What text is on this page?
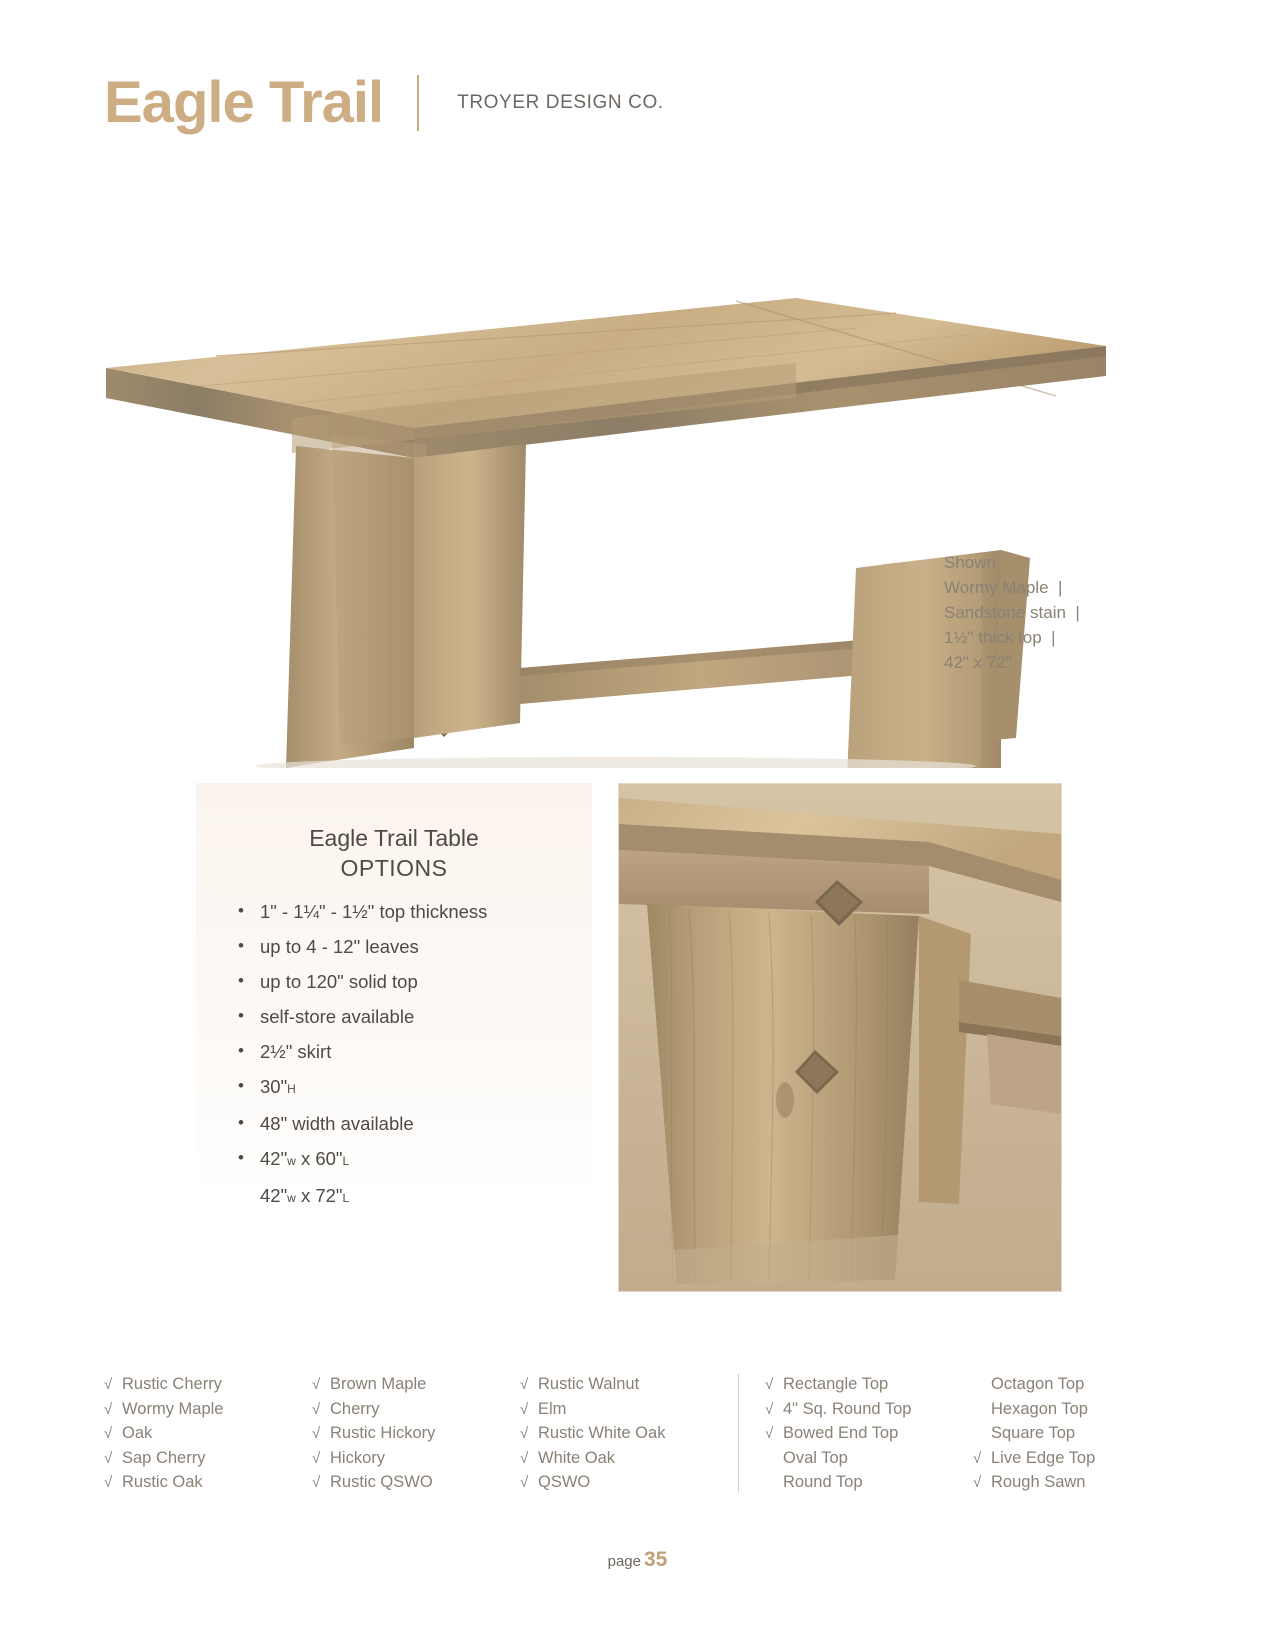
Eagle Trail	TROYER DESIGN CO.
Shown
Wormy Maple  |
Sandstone stain  |
1½" thick top  |
42" x 72"
Eagle Trail Table
OPTIONS
• 1" - 1¼" - 1½" top thickness
• up to 4 - 12" leaves
• up to 120" solid top
• self-store available
• 2½" skirt
• 30"H
• 48" width available
• 42"w x 60"L
42"w x 72"L
√ Rustic Cherry
√ Wormy Maple
√ Oak
√ Sap Cherry
√ Rustic Oak
√ Brown Maple
√ Cherry
√ Rustic Hickory
√ Hickory
√ Rustic QSWO
√ Rustic Walnut
√ Elm
√ Rustic White Oak
√ White Oak
√ QSWO
√ Rectangle Top
√ 4" Sq. Round Top
√ Bowed End Top
Oval Top
Round Top
Octagon Top
Hexagon Top
Square Top
√ Live Edge Top
√ Rough Sawn
page 35
